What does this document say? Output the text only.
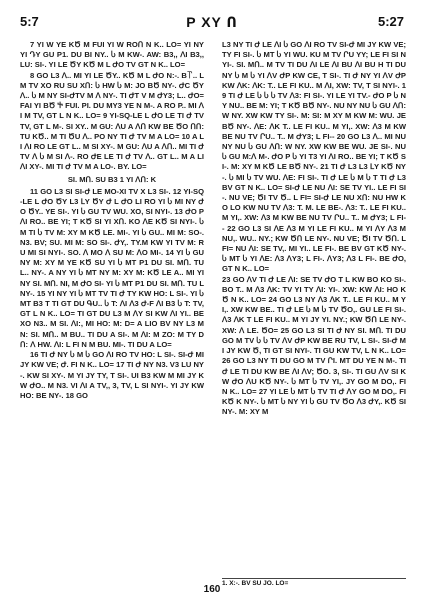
5:7	P XY Ո	5:27

7 YI W YE KԾ M FUI YI W ROՈ N K.. LO= YI NY YI ԴY GU P1. DU BI NY.. Ⴑ M KW-. AW: B3,, ꓥI B3,, LU: SI-. YI LE ԾY KԾ M L ԺO TV GT N K.. LO=

8 GO L3 ꓥ.. MI YI LE ԾY.. KԾ M L ԺO N:-. B꓅.. L M TV XO RU SU XՈ: Ⴑ HW Ⴑ M: JO BԾ NY-. ԺC ԾY ꓥ.. Ⴑ M NY SI-ԺTV M ꓥ NY-. TI ԺT V M ԺY3; L.. ԺO= FAI YI BԾ Ⴕ FUI. PI. DU MY3 YE N M-. A RO P.. MI ꓥI M TV, GT L N K.. LO= 9 YI-SQ-LE L ԺO LE TI Ժ TV TV, GT L M-. SI XY.. M GU: ꓥU A ꓥՈ KW BE ԾO ՈՈ: TU KԾ.. M TI ԾU ꓥ.. PO NY TI Ժ TV M A LO= 10 A LI ꓥI RO LE GT L.. M SI XY-. M GU: ꓥU A ꓥՈ.. MI TI Ժ TV ꓥ Ⴑ M SI ꓥ-. RO ԺE LE TI Ժ TV ꓥ.. GT L.. M A LI ꓥI XY-. MI TI Ժ TV M A LO-. BY. LO=

SI. MՈ. SU B3 1 YI ꓥՈ: K

11 GO L3 SI SI-Ժ LE MO-XI TV X L3 SI-. 12 YI-SQ-LE L ԺO ԾY L3 ԼY ԾY Ժ L ԺO LI RO YI Ⴑ MI NY ԺO ԾY.. YE SI-. YI Ⴑ GU TV WU. XO, SI NYI-. 13 ԺO P ꓥI RO.. BE YI; T KԾ SI YI XՈ. KO ꓥE KԾ SI NYI-. Ⴑ M TI Ⴑ TV M: XY M KԾ LE. MI-. YI Ⴑ GU.. MI M: SO-. N3. BV; SU. MI M: SO SI-. ԺY,. TY.M KW YI TV M: RU MI SI NYI-. SO. ꓥ MO ꓥ SU M: ꓥO MI-. 14 YI Ⴑ GU NY M: XY M YE KԾ SU YI Ⴑ MT P1 DU SI. MՈ. TU L.. NY-. A NY YI Ⴑ MT NY M: XY M: KԾ LE A.. MI YI NY SI. MՈ. NI, M ԺO SI- YI Ⴑ MT P1 DU SI. MՈ. TU L NY-. 15 YI NY YI Ⴑ MT TV TI Ժ TY KW HO: L SI-. YI Ⴑ MT B3 T TI GT DU ԳU.. Ⴑ T: ꓥI ꓥ3 Ժ-F ꓥI B3 Ⴑ T: TV, GT L N K.. LO= TI GT DU L3 M ꓥY SI KW ꓥI YI.. BE XO N3.. M SI. ꓥI:, MI HO: M: D= A LIO BV NY L3 M N: SI. MՈ.. M BU.. TI DU A SI-. M ꓥI: M ZO: M TY DՈ: ꓥ HW. ꓥI: L FI N M BU. MI-. TI DU A LO=

16 TI Ժ NY Ⴑ M Ⴑ GO ꓥI RO TV HO: L SI-. SI-Ժ MI JY KW VE; Ժ. FI N K.. LO= 17 TI Ժ NY N3. V3 LU NY-. KW SI XY-. M YI JY TY, T SI-. UI B3 KW M MI JY KW ԺO.. M N3. VI ꓥI A TV,, 3, TV, L SI NYI-. YI JY KW HO: BE NY-. 18 GO

L3 NY TI Ժ LE ꓥI Ⴑ GO ꓥI RO TV SI-Ժ MI JY KW VE; TY FI SI-. Ⴑ MT Ⴑ YI WU. KU M TV ՐU YY; LE FI SI NYI-. SI. MՈ.. M TV TI DU ꓥI LE ꓥI BU ꓥI BU H TI DU NY Ⴑ M Ⴑ YI ꓥV ԺP KW CE, T SI-. TI Ժ NY YI ꓥV ԺP KW ꓥK: ꓥK: T.. LE FI KU.. M ꓥI, XW: TV, T SI NYI-. 19 TI Ժ LE Ⴑ Ⴑ Ⴑ TV ꓥ3: FI SI-. YI LE YI TV.- ԺO P Ⴑ NY NU.. BE M: YI; T KԾ BԾ NY-. NU NY NU Ⴑ GU ꓥՈ: W NY. XW KW TY SI-. M: SI: M XY M KW M: WU. JE BԾ NY-. ꓥE: ꓥK T.. LE FI KU.. M YI,. XW: ꓥ3 M KW BE NU TV ՐU.. T.. M ԺY3; L FI-- 20 GO L3 ꓥ.. MI NU NY NU Ⴑ GU ꓥՈ: W NY. XW KW BE WU. JE SI-. NU Ⴑ GU M:ꓥ M-. ԺO P Ⴑ YI T3 YI ꓥI RO.. BE YI; T KԾ SI-. M: XY M KԾ LE BԾ NY-. 21 TI Ժ L3 L3 ԼY KԾ NY-. Ⴑ MI Ⴑ TV WU. ꓥE: FI SI-. TI Ժ LE Ⴑ M Ⴑ T TI Ժ L3 BV GT N K.. LO= SI-Ժ LE NU ꓥI: SE TV YI.. LE FI SI-. NU VE; ԾI TV Ծ.. L FI= SI-Ժ LE NU XՈ: NU HW KO LO KW NU TV ꓥ3: T. M. LE BE-. ꓥ3: T.. LE FI KU.. M YI,. XW: ꓥ3 M KW BE NU TV ՐU.. T.. M ԺY3; L FI-- 22 GO L3 SI ꓥE ꓥ3 M YI LE FI KU.. M YI ꓥY ꓥ3 M NU,. WU.. NY.; KW ԾՈ LE NY-. NU VE; ԾI TV ԾՈ. L FI= NU ꓥI: SE TV,. MI YI.. LE FI-. BE BV GT KԾ NY-. Ⴑ MT Ⴑ YI ꓥE: ꓥ3 ꓥY3; L FI-. ꓥY3; ꓥ3 L FI-. BE ԺO, GT N K.. LO=

23 GO ꓥV TI Ժ LE ꓥI: SE TV ԺO T L KW BO KO SI-. BO T.. M ꓥ3 ꓥK: TV YI TY ꓥI: YI-. XW: KW ꓥI: HO KԾ N K.. LO= 24 GO L3 NY ꓥ3 ꓥK T.. LE FI KU.. M YI,. XW KW BE.. TI Ժ LE Ⴑ M Ⴑ TV ԾO,. GU LE FI SI-. ꓥ3 ꓥK T LE FI KU.. M YI JY YI. NY.; KW ԾՈ LE NY-. XW: ꓥ LE. ԾO= 25 GO L3 SI TI Ժ NY SI. MՈ. TI DU GO M TV Ⴑ Ⴑ TV ꓥV ԺP KW BE RU TV, L SI-. SI-Ժ MI JY KW Ծ, TI GT SI NYI-. TI GU KW TV, L N K.. LO= 26 GO L3 NY TI DU GO M TV ՐI. MT DU YE N M-. TI Ժ LE TI DU KW BE ꓥI ꓥV; ԾO. 3, SI-. TI GU ꓥV SI KW ԺO ꓥU KԾ NY-. Ⴑ MT Ⴑ TV YI,. JY GO M DO,. FI N K.. LO= 27 YI LE Ⴑ MT Ⴑ TV TI Ժ ꓥY GO M DO,. FI KԾ K NY-. Ⴑ MT Ⴑ NY YI Ⴑ GU TV ԾO ꓥ3 ԺY,. KԾ SI NY-. M: XY M

1. X:-. BV SU JO. LO=
160
